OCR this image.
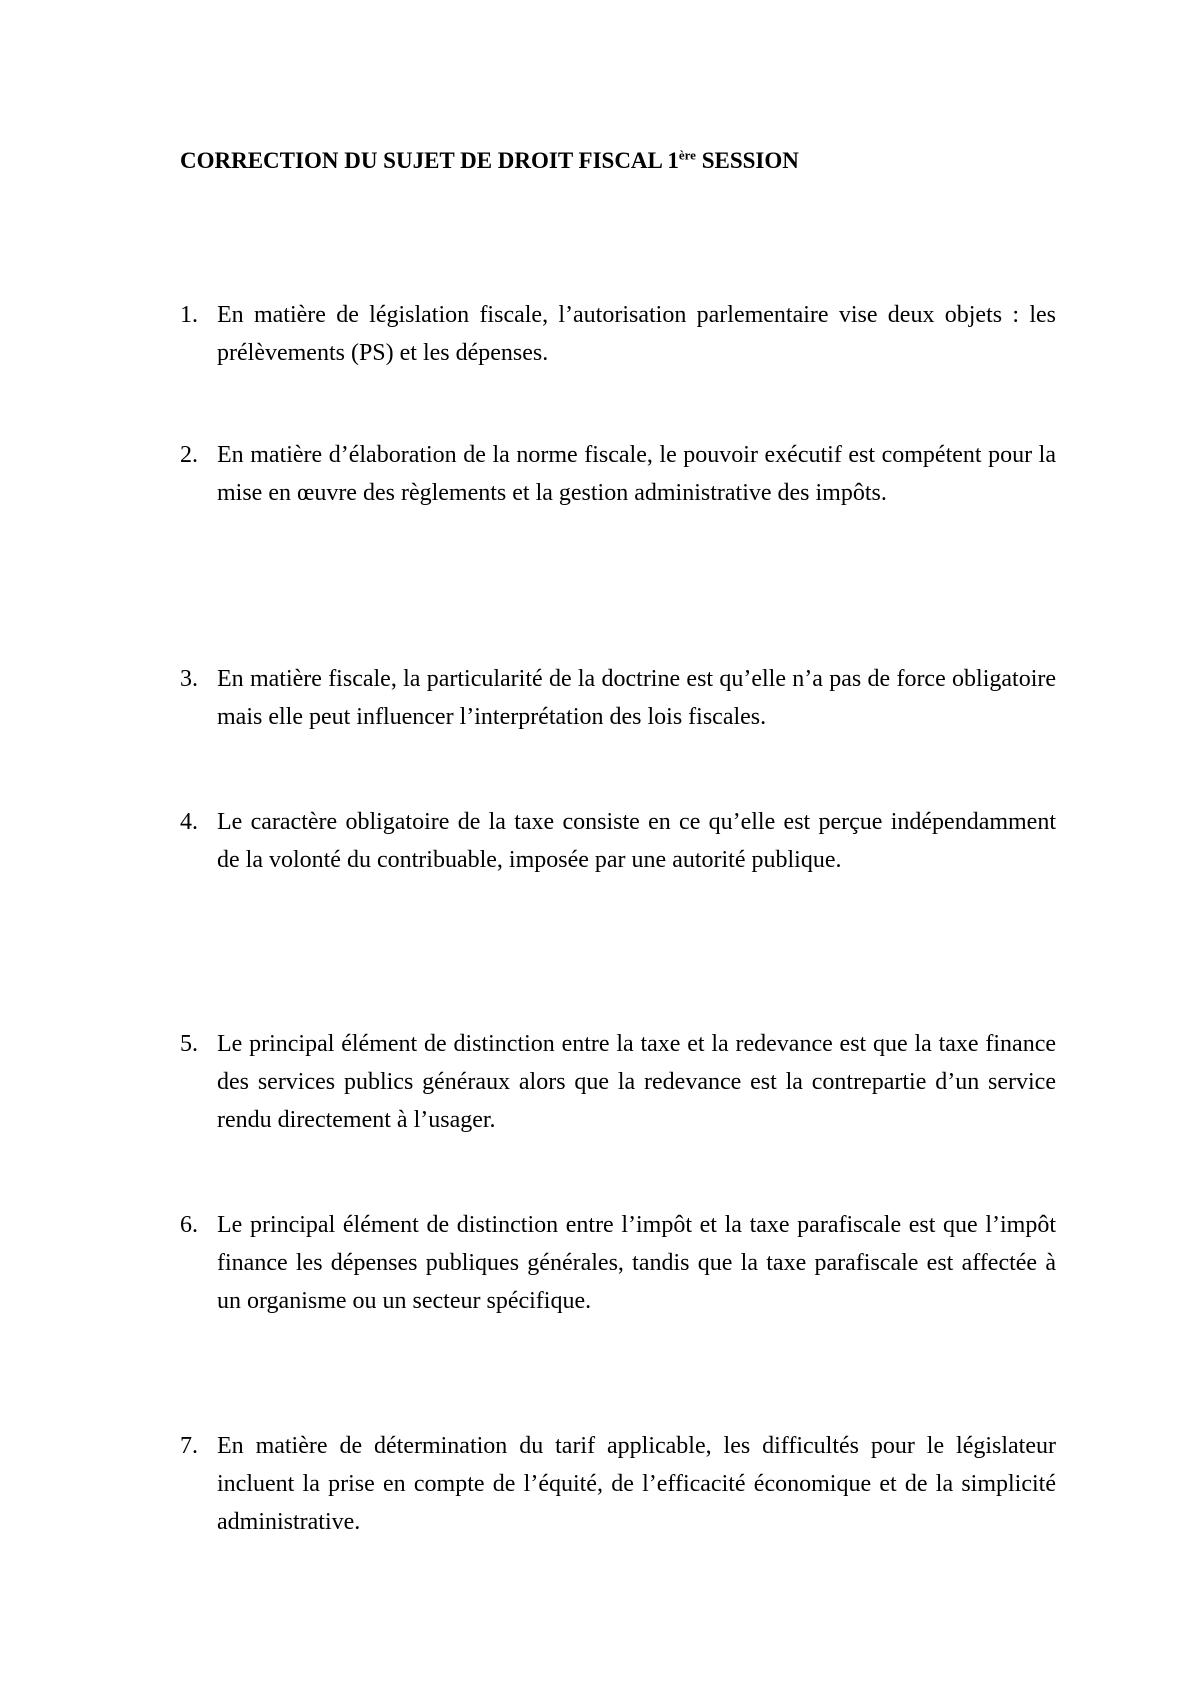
CORRECTION DU SUJET DE DROIT FISCAL 1ère SESSION
1. En matière de législation fiscale, l’autorisation parlementaire vise deux objets : les prélèvements (PS) et les dépenses.
2. En matière d’élaboration de la norme fiscale, le pouvoir exécutif est compétent pour la mise en œuvre des règlements et la gestion administrative des impôts.
3. En matière fiscale, la particularité de la doctrine est qu’elle n’a pas de force obligatoire mais elle peut influencer l’interprétation des lois fiscales.
4. Le caractère obligatoire de la taxe consiste en ce qu’elle est perçue indépendamment de la volonté du contribuable, imposée par une autorité publique.
5. Le principal élément de distinction entre la taxe et la redevance est que la taxe finance des services publics généraux alors que la redevance est la contrepartie d’un service rendu directement à l’usager.
6. Le principal élément de distinction entre l’impôt et la taxe parafiscale est que l’impôt finance les dépenses publiques générales, tandis que la taxe parafiscale est affectée à un organisme ou un secteur spécifique.
7. En matière de détermination du tarif applicable, les difficultés pour le législateur incluent la prise en compte de l’équité, de l’efficacité économique et de la simplicité administrative.
